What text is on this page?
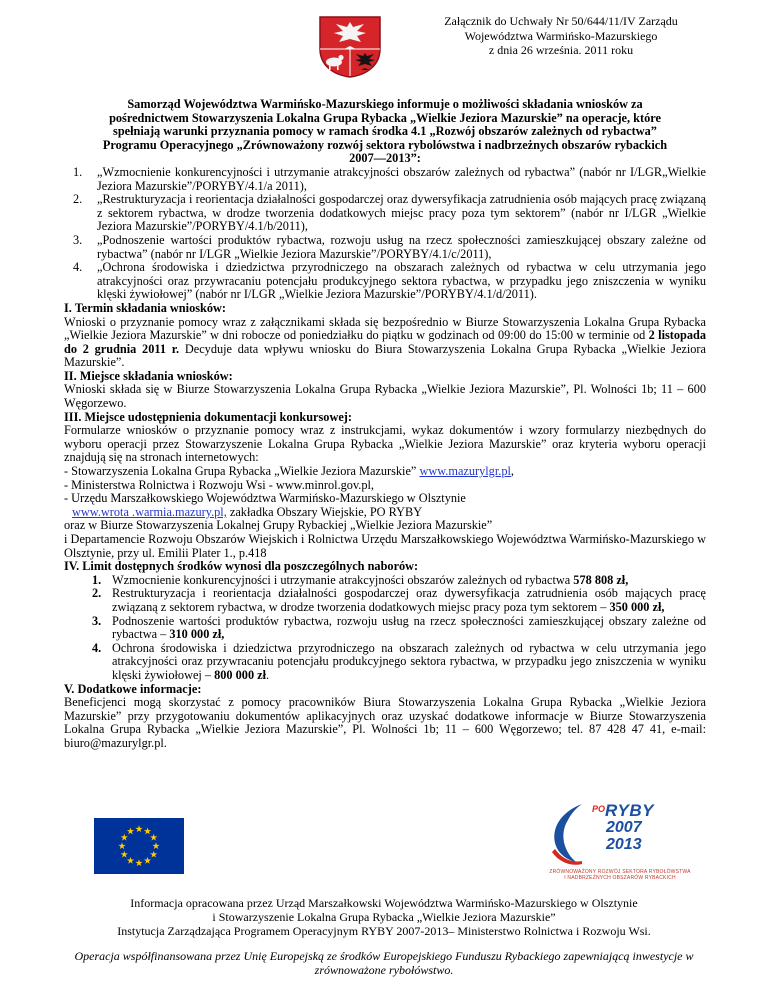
Załącznik do Uchwały Nr 50/644/11/IV Zarządu
Województwa Warmińsko-Mazurskiego
z dnia 26 września. 2011 roku

Samorząd Województwa Warmińsko-Mazurskiego informuje o możliwości składania wniosków za pośrednictwem Stowarzyszenia Lokalna Grupa Rybacka „Wielkie Jeziora Mazurskie” na operacje, które spełniają warunki przyznania pomocy w ramach środka 4.1 „Rozwój obszarów zależnych od rybactwa” Programu Operacyjnego „Zrównoważony rozwój sektora rybolówstwa i nadbrzeżnych obszarów rybackich 2007—2013”:

1. „Wzmocnienie konkurencyjności i utrzymanie atrakcyjności obszarów zależnych od rybactwa” (nabór nr I/LGR„Wielkie Jeziora Mazurskie”/PORYBY/4.1/a 2011),
2. „Restrukturyzacja i reorientacja działalności gospodarczej oraz dywersyfikacja zatrudnienia osób mających pracę związaną z sektorem rybactwa, w drodze tworzenia dodatkowych miejsc pracy poza tym sektorem” (nabór nr I/LGR „Wielkie Jeziora Mazurskie”/PORYBY/4.1/b/2011),
3. „Podnoszenie wartości produktów rybactwa, rozwoju usług na rzecz społeczności zamieszkującej obszary zależne od rybactwa” (nabór nr I/LGR „Wielkie Jeziora Mazurskie”/PORYBY/4.1/c/2011),
4. „Ochrona środowiska i dziedzictwa przyrodniczego na obszarach zależnych od rybactwa w celu utrzymania jego atrakcyjności oraz przywracaniu potencjału produkcyjnego sektora rybactwa, w przypadku jego zniszczenia w wyniku klęski żywiołowej” (nabór nr I/LGR „Wielkie Jeziora Mazurskie”/PORYBY/4.1/d/2011).
I. Termin składania wniosków:

Wnioski o przyznanie pomocy wraz z załącznikami składa się bezpośrednio w Biurze Stowarzyszenia Lokalna Grupa Rybacka „Wielkie Jeziora Mazurskie” w dni robocze od poniedziałku do piątku w godzinach od 09:00 do 15:00 w terminie od 2 listopada do 2 grudnia 2011 r. Decyduje data wpływu wniosku do Biura Stowarzyszenia Lokalna Grupa Rybacka „Wielkie Jeziora Mazurskie”.

II. Miejsce składania wniosków:

Wnioski składa się w Biurze Stowarzyszenia Lokalna Grupa Rybacka „Wielkie Jeziora Mazurskie”, Pl. Wolności 1b; 11 – 600 Węgorzewo.

III. Miejsce udostępnienia dokumentacji konkursowej:

Formularze wniosków o przyznanie pomocy wraz z instrukcjami, wykaz dokumentów i wzory formularzy niezbędnych do wyboru operacji przez Stowarzyszenie Lokalna Grupa Rybacka „Wielkie Jeziora Mazurskie” oraz kryteria wyboru operacji znajdują się na stronach internetowych:

- Stowarzyszenia Lokalna Grupa Rybacka „Wielkie Jeziora Mazurskie” www.mazurylgr.pl,
- Ministerstwa Rolnictwa i Rozwoju Wsi - www.minrol.gov.pl,
- Urzędu Marszałkowskiego Województwa Warmińsko-Mazurskiego w Olsztynie
www.wrota .warmia.mazury.pl, zakładka Obszary Wiejskie, PO RYBY
oraz w Biurze Stowarzyszenia Lokalnej Grupy Rybackiej „Wielkie Jeziora Mazurskie”

i Departamencie Rozwoju Obszarów Wiejskich i Rolnictwa Urzędu Marszałkowskiego Województwa Warmińsko-Mazurskiego w Olsztynie, przy ul. Emilii Plater 1., p.418

IV. Limit dostępnych środków wynosi dla poszczególnych naborów:
1. Wzmocnienie konkurencyjności i utrzymanie atrakcyjności obszarów zależnych od rybactwa 578 808 zł,
2. Restrukturyzacja i reorientacja działalności gospodarczej oraz dywersyfikacja zatrudnienia osób mających pracę związaną z sektorem rybactwa, w drodze tworzenia dodatkowych miejsc pracy poza tym sektorem – 350 000 zł,
3. Podnoszenie wartości produktów rybactwa, rozwoju usług na rzecz społeczności zamieszkującej obszary zależne od rybactwa – 310 000 zł,
4. Ochrona środowiska i dziedzictwa przyrodniczego na obszarach zależnych od rybactwa w celu utrzymania jego atrakcyjności oraz przywracaniu potencjału produkcyjnego sektora rybactwa, w przypadku jego zniszczenia w wyniku klęski żywiołowej – 800 000 zł.
V. Dodatkowe informacje:

Beneficjenci mogą skorzystać z pomocy pracowników Biura Stowarzyszenia Lokalna Grupa Rybacka „Wielkie Jeziora Mazurskie” przy przygotowaniu dokumentów aplikacyjnych oraz uzyskać dodatkowe informacje w Biurze Stowarzyszenia Lokalna Grupa Rybacka „Wielkie Jeziora Mazurskie”, Pl. Wolności 1b; 11 – 600 Węgorzewo; tel. 87 428 47 41, e-mail: biuro@mazurylgr.pl.

$^{PO}$RYBY
2007
2013
ZRÓWNOWAŻONY ROZWÓJ SEKTORA RYBOŁÓWSTWA
I NADBRZEŻNYCH OBSZARÓW RYBACKICH
Informacja opracowana przez Urząd Marszałkowski Województwa Warmińsko-Mazurskiego w Olsztynie
i Stowarzyszenie Lokalna Grupa Rybacka „Wielkie Jeziora Mazurskie”
Instytucja Zarządzająca Programem Operacyjnym RYBY 2007-2013– Ministerstwo Rolnictwa i Rozwoju Wsi.
Operacja współfinansowana przez Unię Europejską ze środków Europejskiego Funduszu Rybackiego zapewniającą inwestycje w zrównoważone rybołówstwo.
